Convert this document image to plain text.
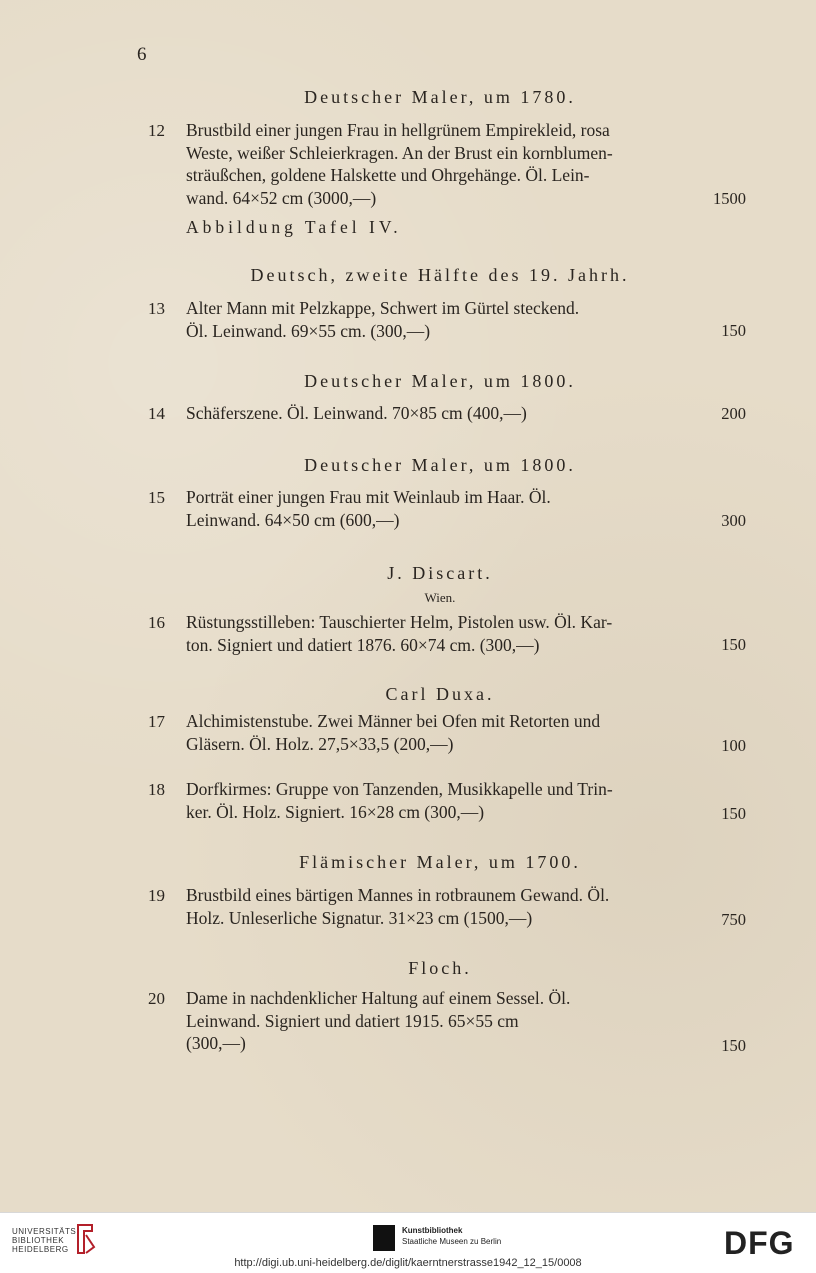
6
Deutscher Maler, um 1780.
12 Brustbild einer jungen Frau in hellgrünem Empirekleid, rosa
Weste, weißer Schleierkragen. An der Brust ein kornblumen-
sträußchen, goldene Halskette und Ohrgehänge. Öl. Lein-
wand. 64×52 cm (3000,—)	1500
Abbildung Tafel IV.
Deutsch, zweite Hälfte des 19. Jahrh.
13 Alter Mann mit Pelzkappe, Schwert im Gürtel steckend.
Öl. Leinwand. 69×55 cm. (300,—)	150
Deutscher Maler, um 1800.
14 Schäferszene. Öl. Leinwand. 70×85 cm (400,—)	200
Deutscher Maler, um 1800.
15 Porträt einer jungen Frau mit Weinlaub im Haar. Öl.
Leinwand. 64×50 cm (600,—)	300
J. Discart.
Wien.
16 Rüstungsstilleben: Tauschierter Helm, Pistolen usw. Öl. Kar-
ton. Signiert und datiert 1876. 60×74 cm. (300,—)	150
Carl Duxa.
17 Alchimistenstube. Zwei Männer bei Ofen mit Retorten und
Gläsern. Öl. Holz. 27,5×33,5 (200,—)	100
18 Dorfkirmes: Gruppe von Tanzenden, Musikkapelle und Trin-
ker. Öl. Holz. Signiert. 16×28 cm (300,—)	150
Flämischer Maler, um 1700.
19 Brustbild eines bärtigen Mannes in rotbraunem Gewand. Öl.
Holz. Unleserliche Signatur. 31×23 cm (1500,—)	750
Floch.
20 Dame in nachdenklicher Haltung auf einem Sessel. Öl.
Leinwand. Signiert und datiert 1915. 65×55 cm
(300,—)	150
UNIVERSITÄTS
BIBLIOTHEK
HEIDELBERG
Kunstbibliothek
Staatliche Museen zu Berlin	DFG
http://digi.ub.uni-heidelberg.de/diglit/kaerntnerstrasse1942_12_15/0008
